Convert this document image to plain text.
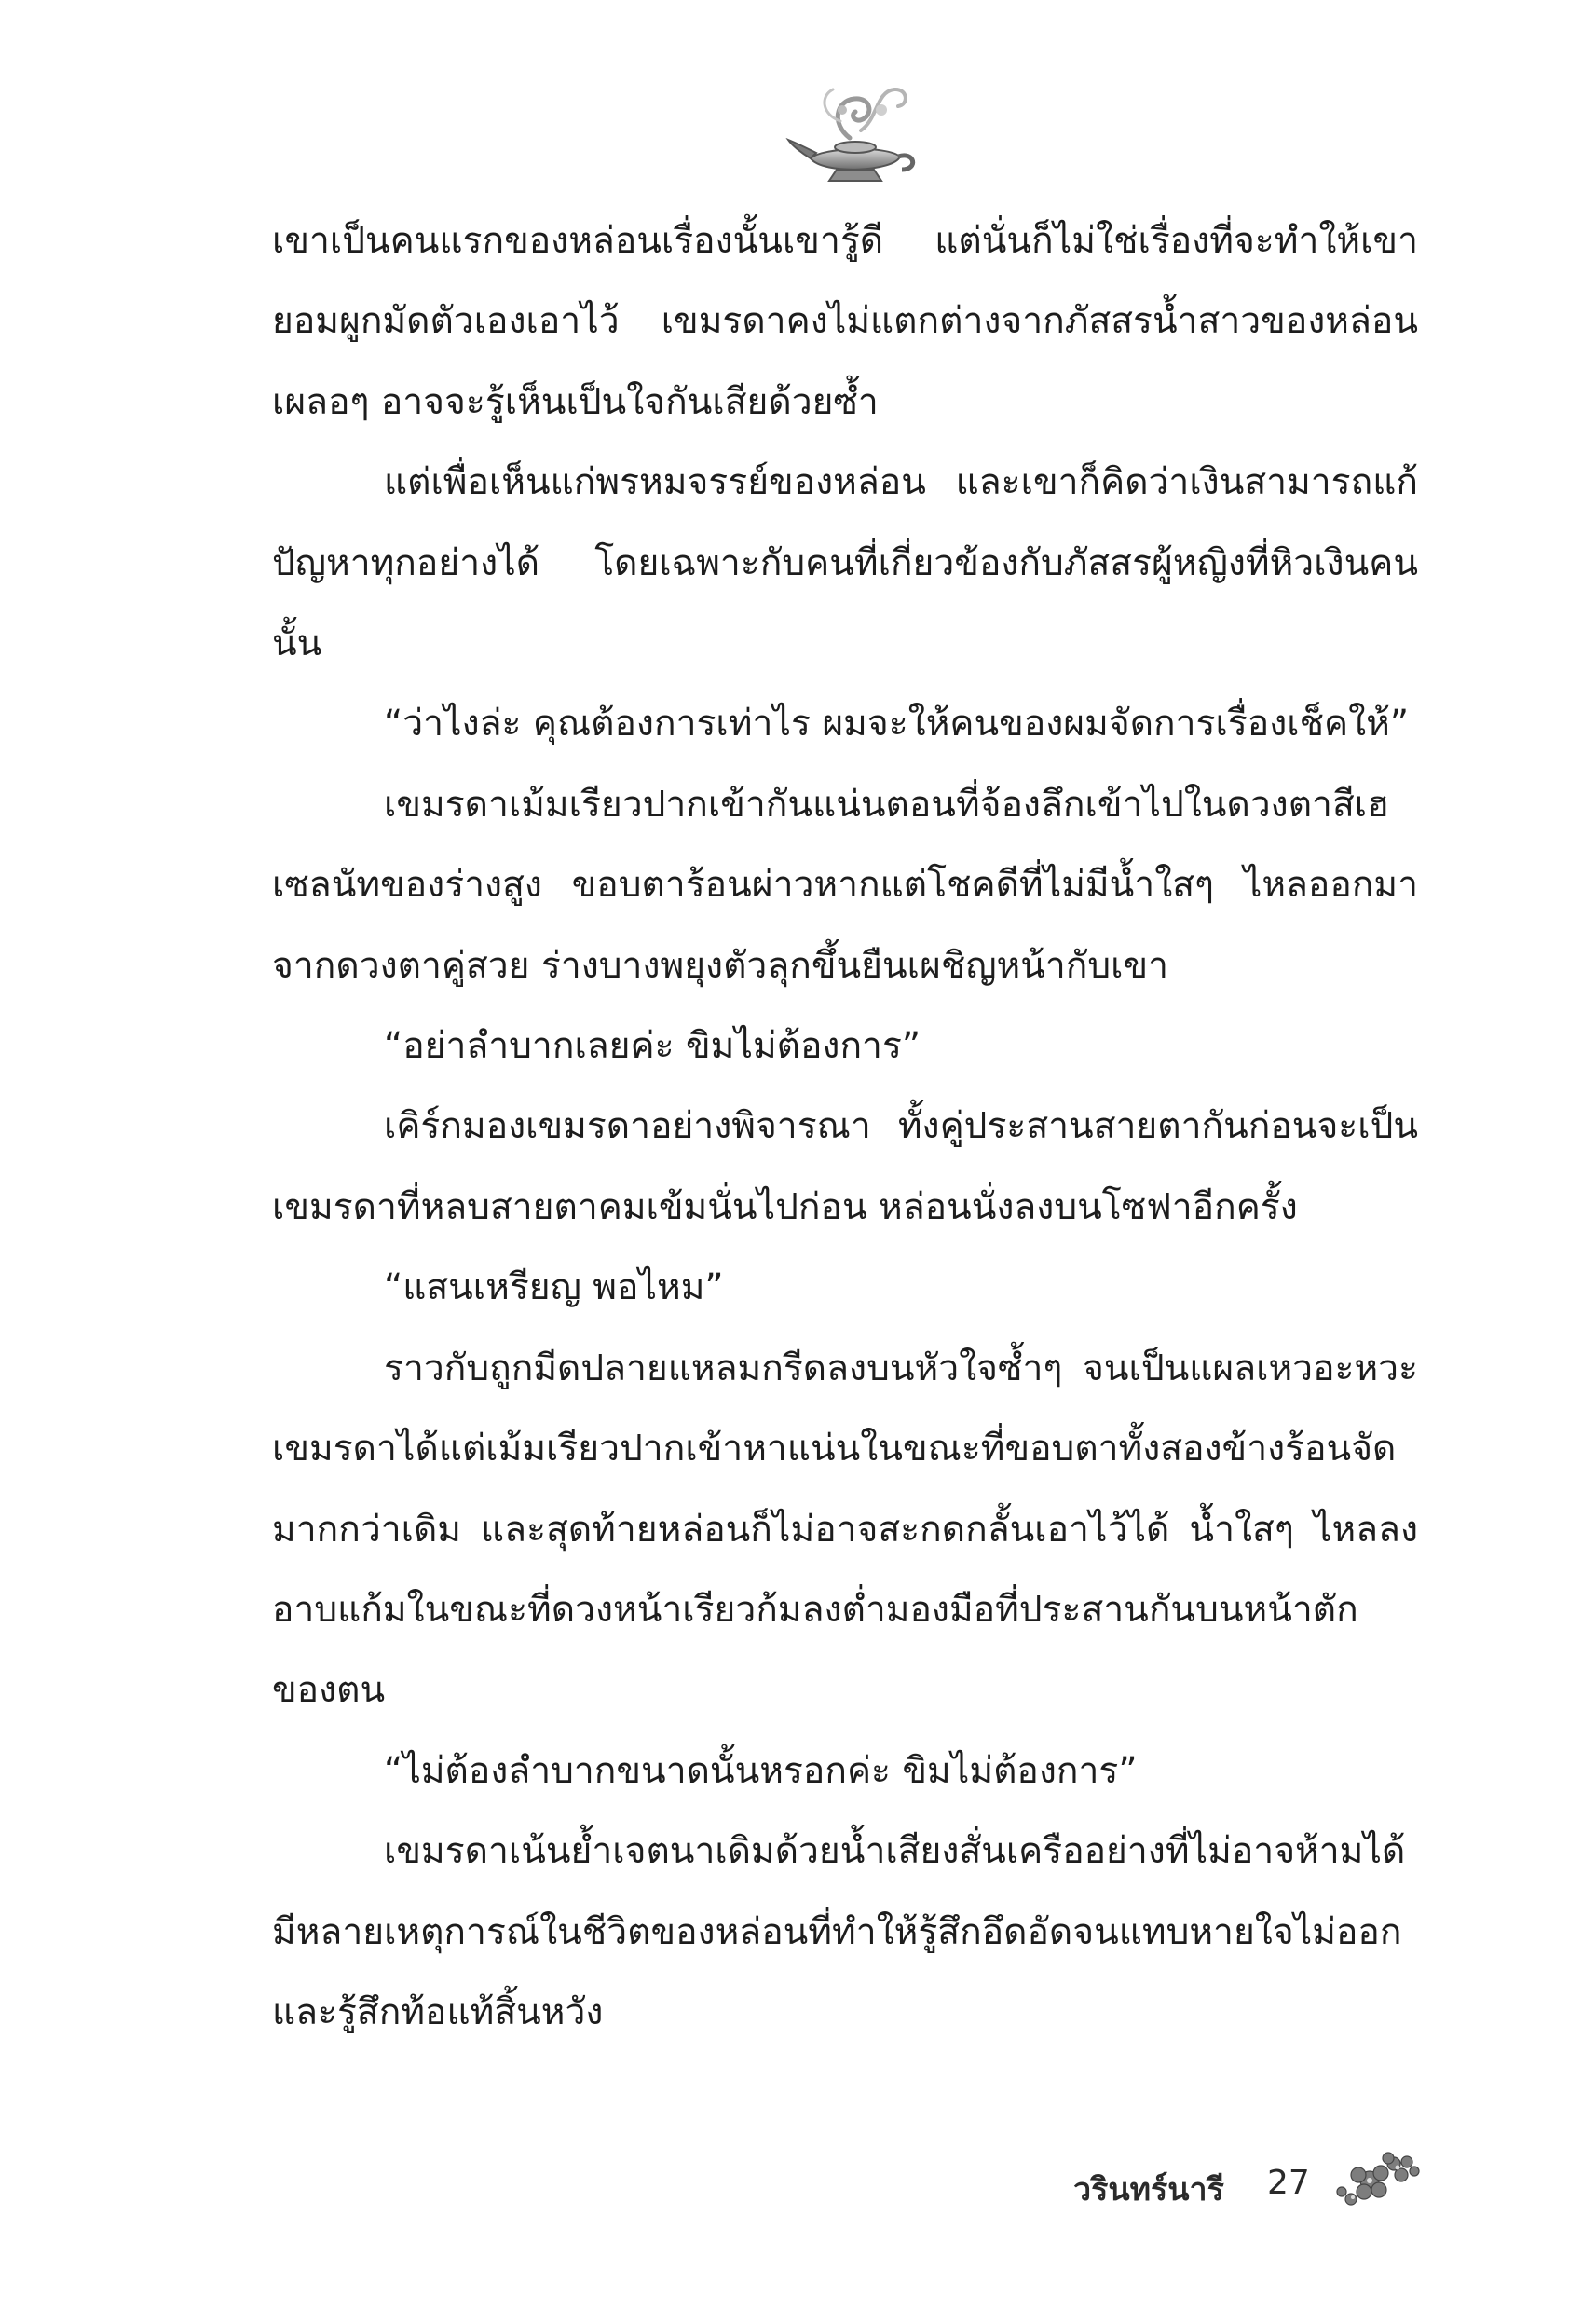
เขาเป็นคนแรกของหล่อนเรื่องนั้นเขารู้ดี แต่นั่นก็ไม่ใช่เรื่องที่จะทำให้เขายอมผูกมัดตัวเองเอาไว้ เขมรดาคงไม่แตกต่างจากภัสสรน้ำสาวของหล่อน เผลอๆ อาจจะรู้เห็นเป็นใจกันเสียด้วยซ้ำ

แต่เพื่อเห็นแก่พรหมจรรย์ของหล่อน และเขาก็คิดว่าเงินสามารถแก้ปัญหาทุกอย่างได้ โดยเฉพาะกับคนที่เกี่ยวข้องกับภัสสรผู้หญิงที่หิวเงินคนนั้น

“ว่าไงล่ะ คุณต้องการเท่าไร ผมจะให้คนของผมจัดการเรื่องเช็คให้”

เขมรดาเม้มเรียวปากเข้ากันแน่นตอนที่จ้องลึกเข้าไปในดวงตาสีเฮเซลนัทของร่างสูง ขอบตาร้อนผ่าวหากแต่โชคดีที่ไม่มีน้ำใสๆ ไหลออกมาจากดวงตาคู่สวย ร่างบางพยุงตัวลุกขึ้นยืนเผชิญหน้ากับเขา

“อย่าลำบากเลยค่ะ ขิมไม่ต้องการ”

เคิร์กมองเขมรดาอย่างพิจารณา ทั้งคู่ประสานสายตากันก่อนจะเป็นเขมรดาที่หลบสายตาคมเข้มนั่นไปก่อน หล่อนนั่งลงบนโซฟาอีกครั้ง

“แสนเหรียญ พอไหม”

ราวกับถูกมีดปลายแหลมกรีดลงบนหัวใจซ้ำๆ จนเป็นแผลเหวอะหวะ เขมรดาได้แต่เม้มเรียวปากเข้าหาแน่นในขณะที่ขอบตาทั้งสองข้างร้อนจัดมากกว่าเดิม และสุดท้ายหล่อนก็ไม่อาจสะกดกลั้นเอาไว้ได้ น้ำใสๆ ไหลลงอาบแก้มในขณะที่ดวงหน้าเรียวก้มลงต่ำมองมือที่ประสานกันบนหน้าตักของตน

“ไม่ต้องลำบากขนาดนั้นหรอกค่ะ ขิมไม่ต้องการ”

เขมรดาเน้นย้ำเจตนาเดิมด้วยน้ำเสียงสั่นเครืออย่างที่ไม่อาจห้ามได้ มีหลายเหตุการณ์ในชีวิตของหล่อนที่ทำให้รู้สึกอึดอัดจนแทบหายใจไม่ออกและรู้สึกท้อแท้สิ้นหวัง

วรินทร์นารี 27
